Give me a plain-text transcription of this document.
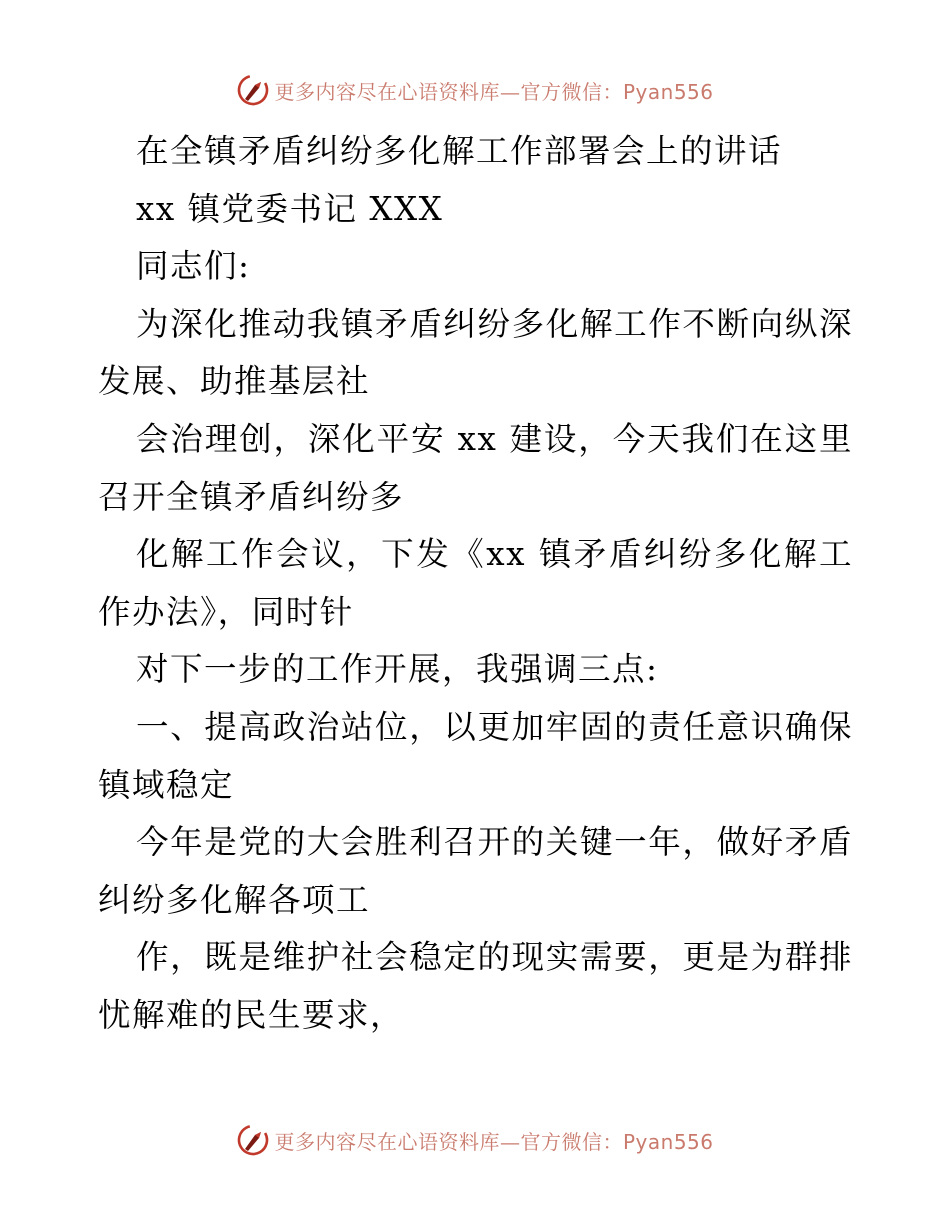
更多内容尽在心语资料库—官方微信：Pyan556

在全镇矛盾纠纷多化解工作部署会上的讲话

xx 镇党委书记 XXX

同志们:

为深化推动我镇矛盾纠纷多化解工作不断向纵深发展、助推基层社

会治理创，深化平安 xx 建设，今天我们在这里召开全镇矛盾纠纷多

化解工作会议，下发《xx 镇矛盾纠纷多化解工作办法》，同时针

对下一步的工作开展，我强调三点:

一、提高政治站位，以更加牢固的责任意识确保镇域稳定

今年是党的大会胜利召开的关键一年，做好矛盾纠纷多化解各项工

作，既是维护社会稳定的现实需要，更是为群排忧解难的民生要求，

更多内容尽在心语资料库—官方微信：Pyan556
